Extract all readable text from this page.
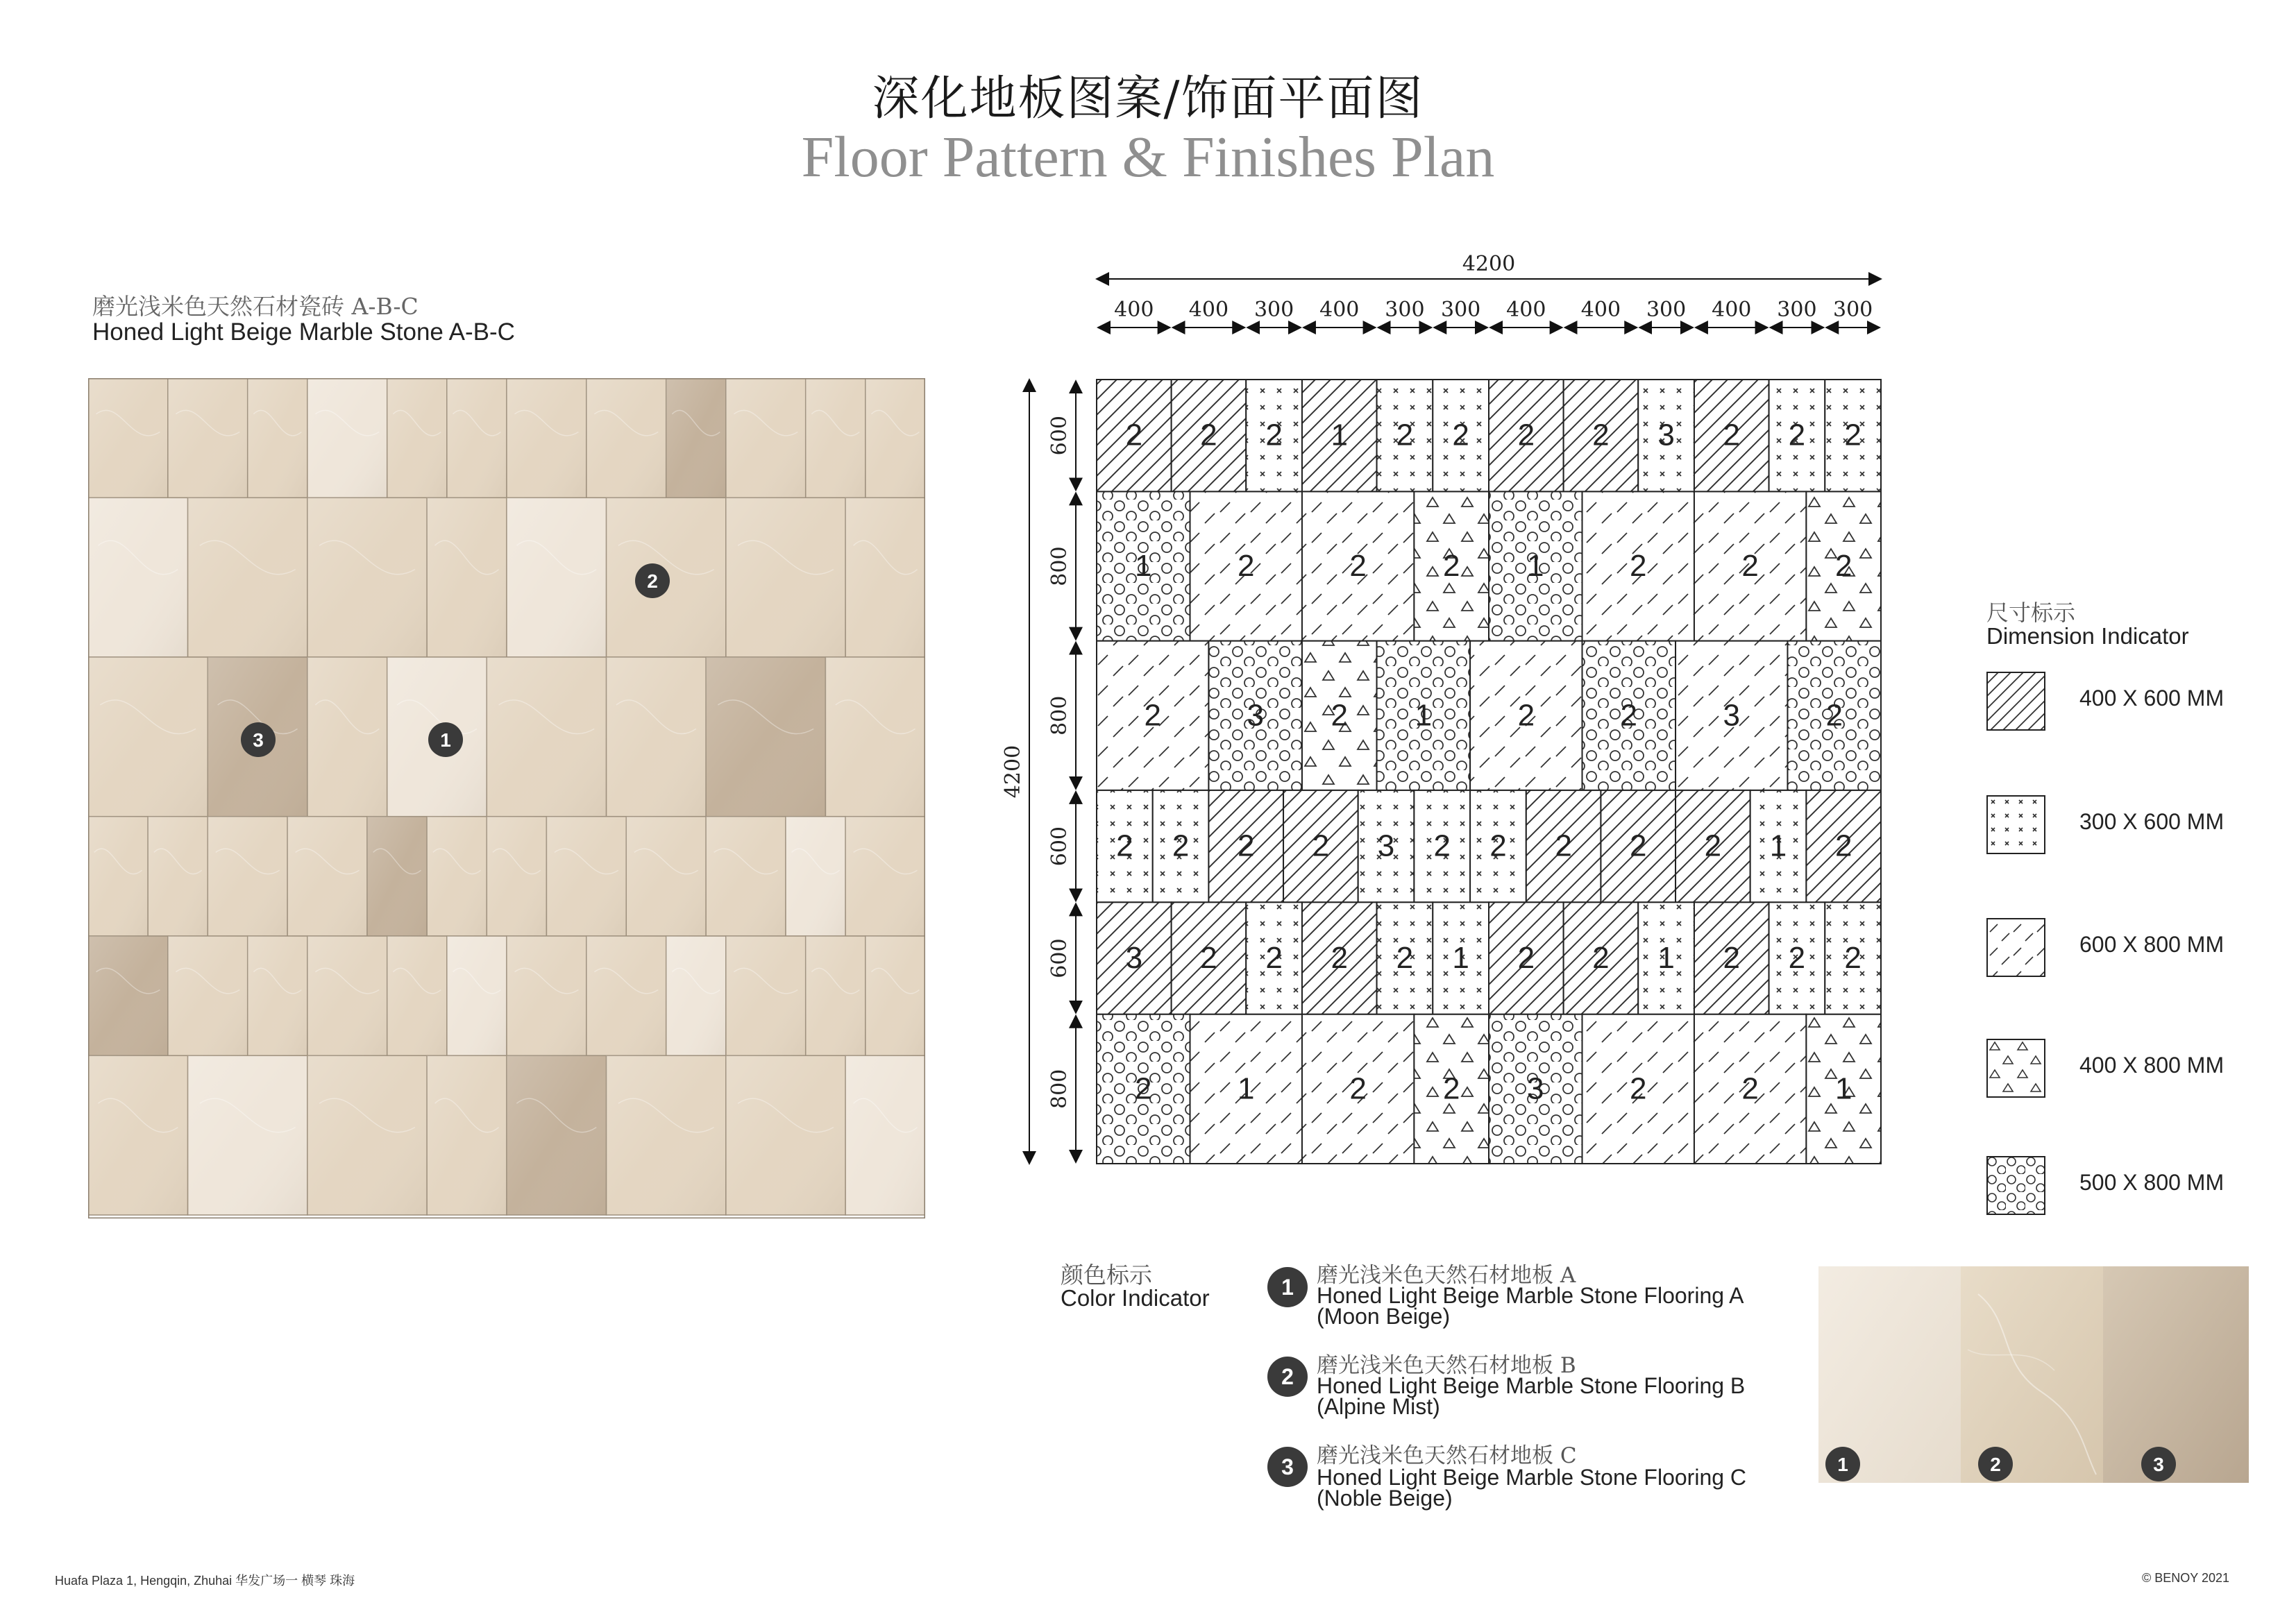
深化地板图案/饰面平面图
Floor Pattern & Finishes Plan
磨光浅米色天然石材瓷砖 A-B-C
Honed Light Beige Marble Stone A-B-C
2
3	1
4200
400 400 300 400 300 300 400 400 300 400 300 300
4200
600
800
800
600
600
800
2 2 2 1 2 2 2 2 3 2 2 2
1	2	2	2 1	2	2	2
2	3 2 1	2	2	3	2
2 2 2 2 3 2 2 2 2 2 1 2
3 2 2 2 2 1 2 2 1 2 2 2
2	1	2	2 3	2	2	1
尺寸标示
Dimension Indicator
400 X 600 MM
300 X 600 MM
600 X 800 MM
400 X 800 MM
500 X 800 MM
颜色标示
Color Indicator	1	磨光浅米色天然石材地板 A
Honed Light Beige Marble Stone Flooring A
(Moon Beige)
2	磨光浅米色天然石材地板 B
Honed Light Beige Marble Stone Flooring B
(Alpine Mist)
3	磨光浅米色天然石材地板 C
Honed Light Beige Marble Stone Flooring C
(Noble Beige)
1	2	3
Huafa Plaza 1, Hengqin, Zhuhai 华发广场一 横琴 珠海	© BENOY 2021
